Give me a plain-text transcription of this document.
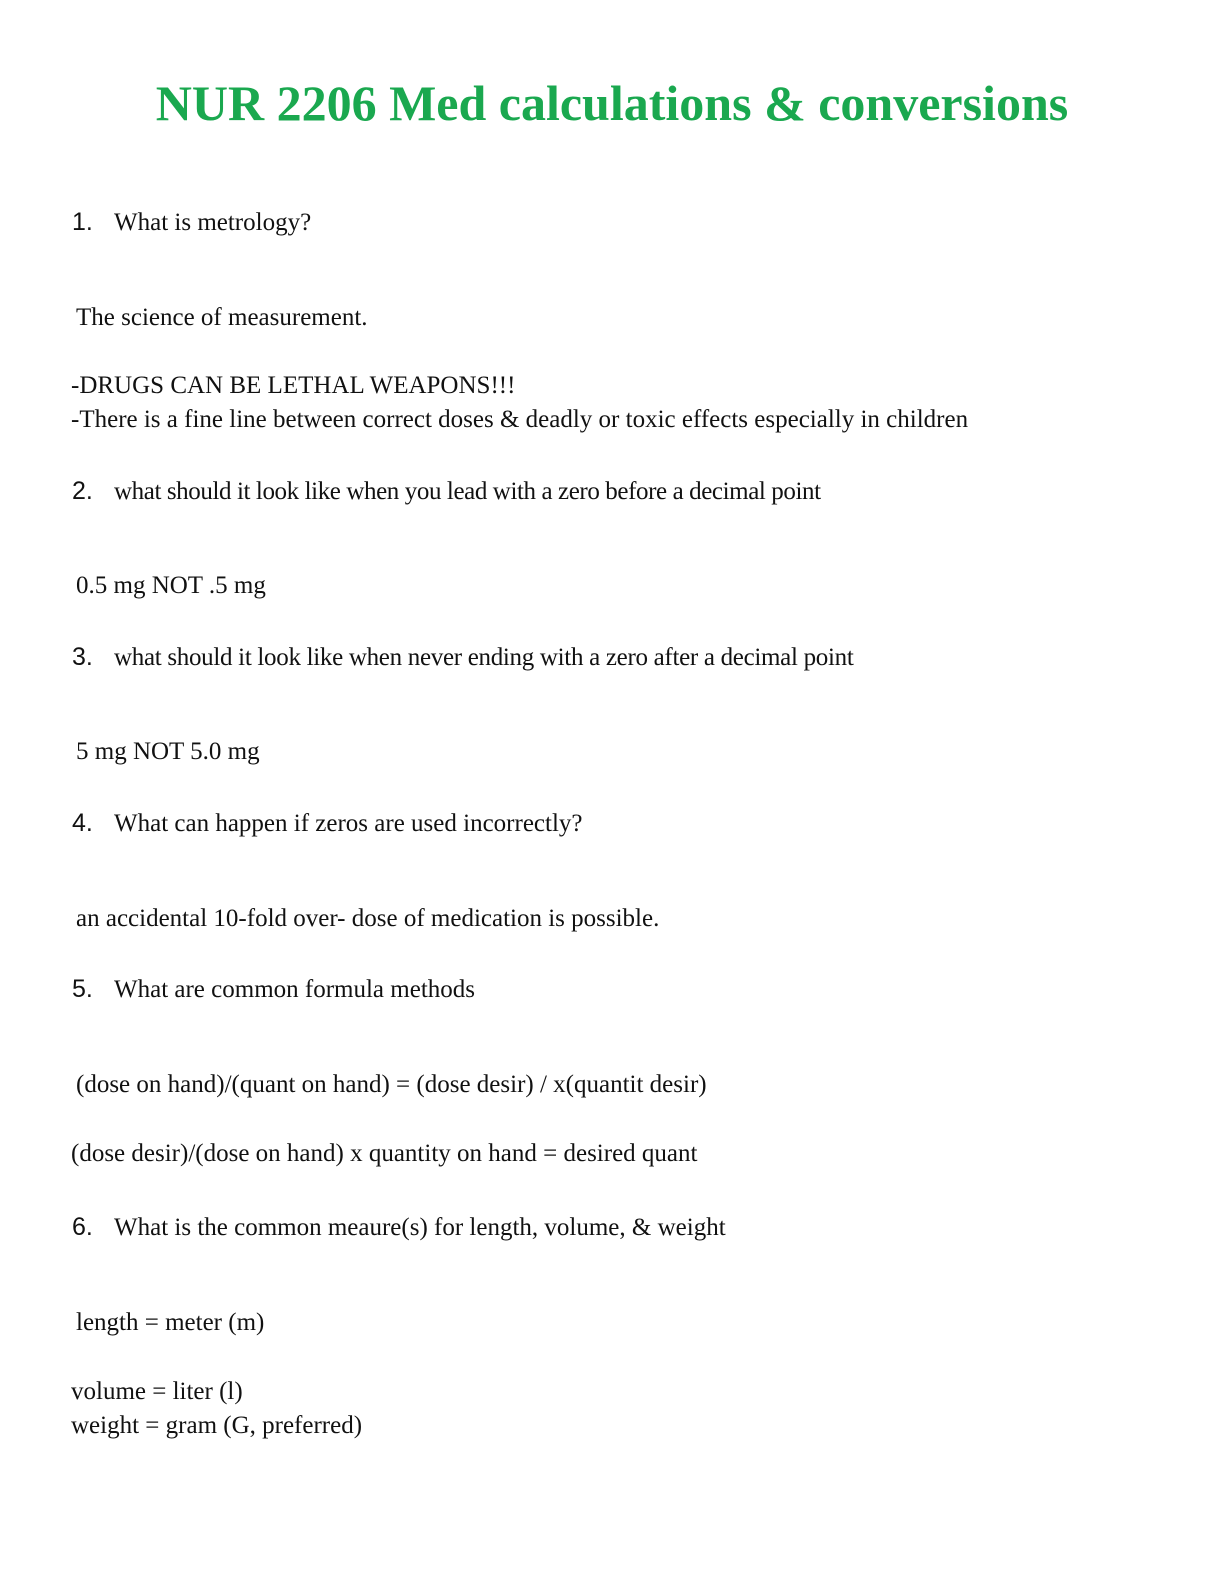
NUR 2206 Med calculations & conversions
1. What is metrology?
The science of measurement.
-DRUGS CAN BE LETHAL WEAPONS!!!
-There is a fine line between correct doses & deadly or toxic effects especially in children
2. what should it look like when you lead with a zero before a decimal point
0.5 mg NOT .5 mg
3. what should it look like when never ending with a zero after a decimal point
5 mg NOT 5.0 mg
4. What can happen if zeros are used incorrectly?
an accidental 10-fold over- dose of medication is possible.
5. What are common formula methods
(dose on hand)/(quant on hand) = (dose desir) / x(quantit desir)
(dose desir)/(dose on hand) x quantity on hand = desired quant
6. What is the common meaure(s) for length, volume, & weight
length = meter (m)
volume = liter (l)
weight = gram (G, preferred)
